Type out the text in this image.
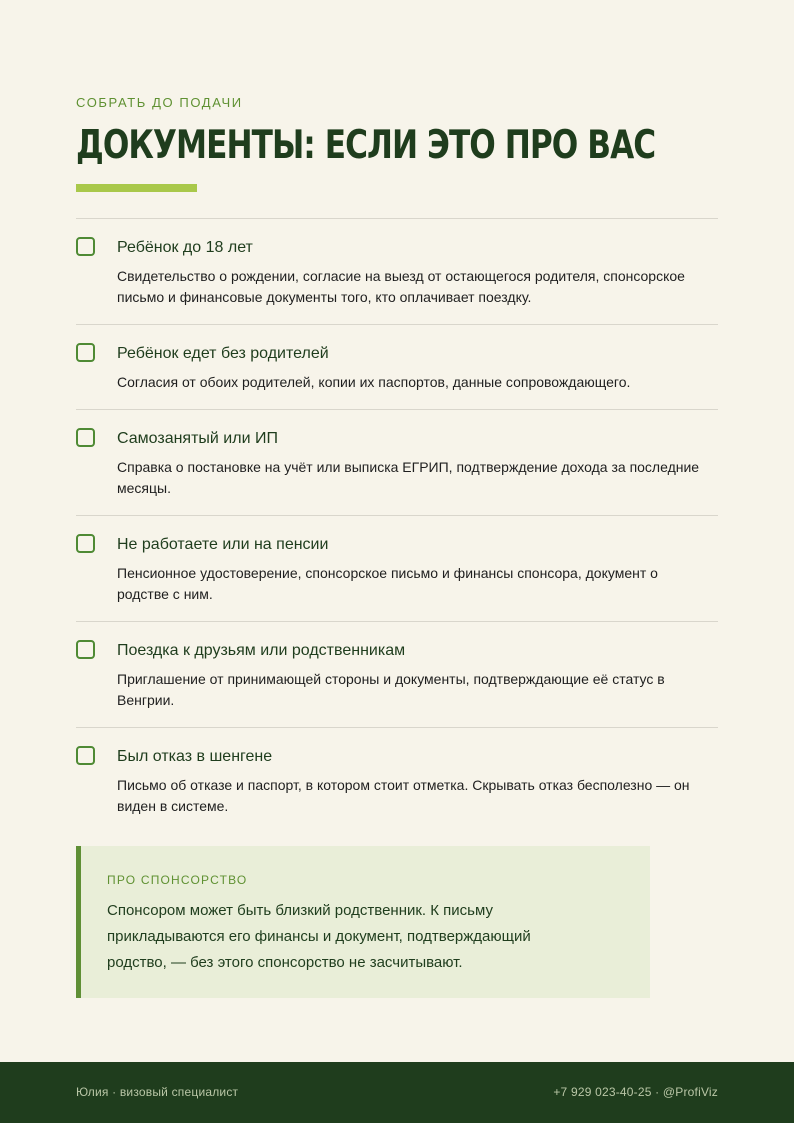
СОБРАТЬ ДО ПОДАЧИ
ДОКУМЕНТЫ: ЕСЛИ ЭТО ПРО ВАС
Ребёнок до 18 лет
Свидетельство о рождении, согласие на выезд от остающегося родителя, спонсорское письмо и финансовые документы того, кто оплачивает поездку.
Ребёнок едет без родителей
Согласия от обоих родителей, копии их паспортов, данные сопровождающего.
Самозанятый или ИП
Справка о постановке на учёт или выписка ЕГРИП, подтверждение дохода за последние месяцы.
Не работаете или на пенсии
Пенсионное удостоверение, спонсорское письмо и финансы спонсора, документ о родстве с ним.
Поездка к друзьям или родственникам
Приглашение от принимающей стороны и документы, подтверждающие её статус в Венгрии.
Был отказ в шенгене
Письмо об отказе и паспорт, в котором стоит отметка. Скрывать отказ бесполезно — он виден в системе.
ПРО СПОНСОРСТВО
Спонсором может быть близкий родственник. К письму прикладываются его финансы и документ, подтверждающий родство, — без этого спонсорство не засчитывают.
Юлия · визовый специалист	+7 929 023-40-25 · @ProfiViz
